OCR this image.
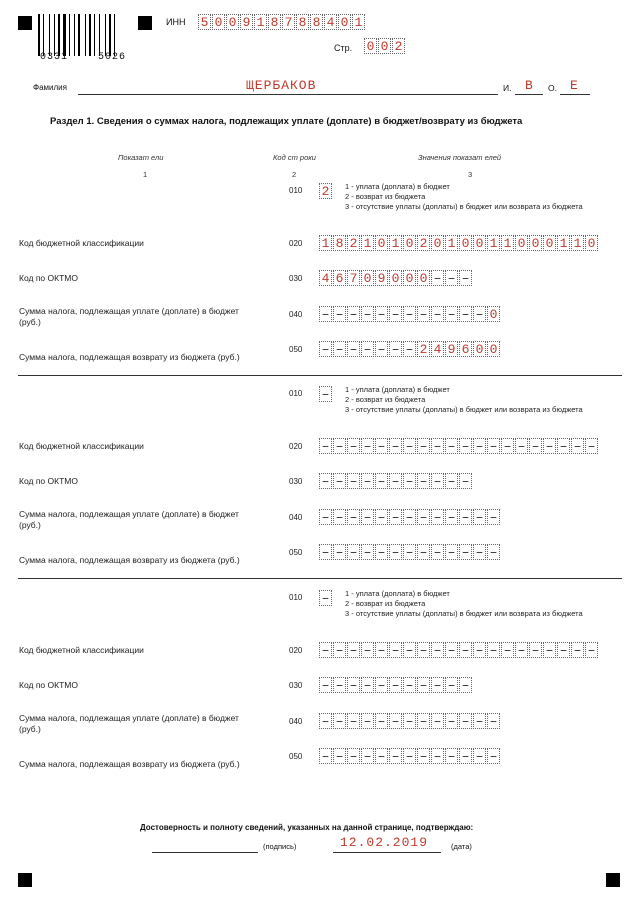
0331	5026
ИНН 5 0 0 9 1 8 7 8 8 4 0 1
Стр. 0 0 2
Фамилия	ЩЕРБАКОВ	И. В О. Е
Раздел 1. Сведения о суммах налога, подлежащих уплате (доплате) в бюджет/возврату из бюджета
Показат ели	Код ст роки	Значения показат елей
1	2	3
010 2	1 - уплата (доплата) в бюджет
2 - возврат из бюджета
3 - отсутствие уплаты (доплаты) в бюджет или возврата из бюджета
Код бюджетной классификации	020 1 8 2 1 0 1 0 2 0 1 0 0 1 1 0 0 0 1 1 0
Код по ОКТМО	030 4 6 7 0 9 0 0 0 – – –
Сумма налога, подлежащая уплате (доплате) в бюджет
(руб.)
040 – – – – – – – – – – – – 0
Сумма налога, подлежащая возврату из бюджета (руб.)
050 – – – – – – – 2 4 9 6 0 0
010 –	1 - уплата (доплата) в бюджет
2 - возврат из бюджета
3 - отсутствие уплаты (доплаты) в бюджет или возврата из бюджета
Код бюджетной классификации	020 – – – – – – – – – – – – – – – – – – – –
Код по ОКТМО	030 – – – – – – – – – – –
Сумма налога, подлежащая уплате (доплате) в бюджет
(руб.)
040 – – – – – – – – – – – – –
Сумма налога, подлежащая возврату из бюджета (руб.)
050 – – – – – – – – – – – – –
010 –	1 - уплата (доплата) в бюджет
2 - возврат из бюджета
3 - отсутствие уплаты (доплаты) в бюджет или возврата из бюджета
Код бюджетной классификации	020 – – – – – – – – – – – – – – – – – – – –
Код по ОКТМО	030 – – – – – – – – – – –
Сумма налога, подлежащая уплате (доплате) в бюджет
(руб.)
040 – – – – – – – – – – – – –
Сумма налога, подлежащая возврату из бюджета (руб.)
050 – – – – – – – – – – – – –
Достоверность и полноту сведений, указанных на данной странице, подтверждаю:
(подпись)	12.02.2019	(дата)
